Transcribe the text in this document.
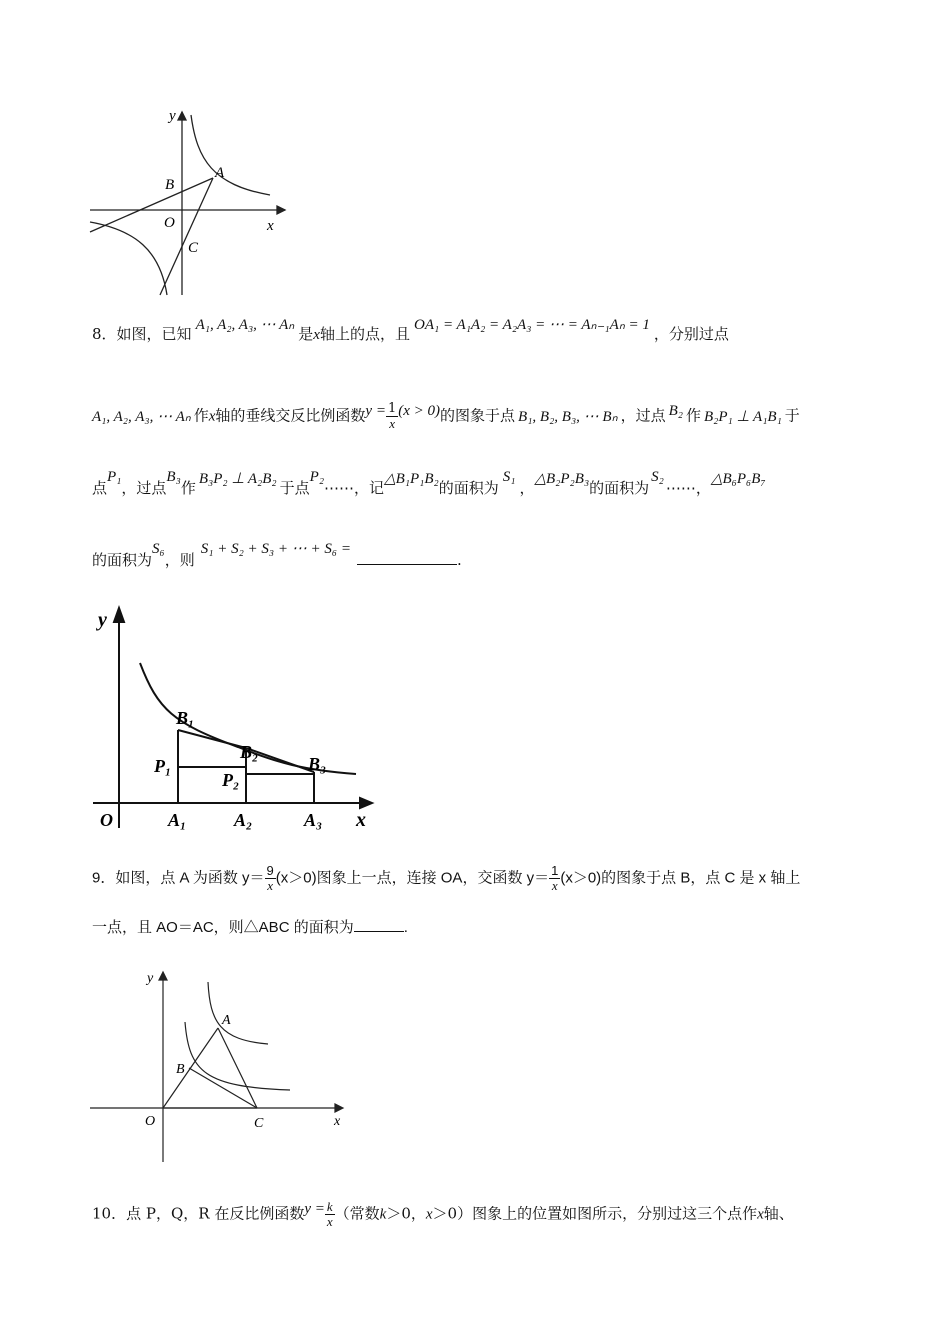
y
A
B
O	x
C
8．如图，已知 A₁, A₂, A₃, ⋯ Aₙ 是x轴上的点，且 OA₁ = A₁A₂ = A₂A₃ = ⋯ = Aₙ₋₁Aₙ = 1 ，分别过点
A₁, A₂, A₃, ⋯ Aₙ 作x轴的垂线交反比例函数$y = \frac{1}{x} (x > 0)$的图象于点 B₁, B₂, B₃, ⋯ Bₙ ，过点 B₂ 作 B₂P₁ ⊥ A₁B₁ 于
点P₁，过点B₃作 B₃P₂ ⊥ A₂B₂ 于点P₂⋯⋯，记△B₁P₁B₂的面积为S₁，△B₂P₂B₃的面积为S₂⋯⋯，△B₆P₆B₇
的面积为S₆，则S₁ + S₂ + S₃ + ⋯ + S₆ =.
y
B₁
B₂
B₃
P₁
P₂
O	A₁	A₂	A₃ x
9．如图，点 A 为函数 $y= \frac{9}{x} (x>0)$图象上一点，连接 OA，交函数 $y= \frac{1}{x} (x>0)$的图象于点 B，点 C 是 x 轴上
一点，且 AO＝AC，则△ABC 的面积为	.
y
A
B
O	C	x
10．点 P，Q，R 在反比例函数$y = \frac{k}{x}$ （常数k＞0，x＞0）图象上的位置如图所示，分别过这三个点作x轴、
